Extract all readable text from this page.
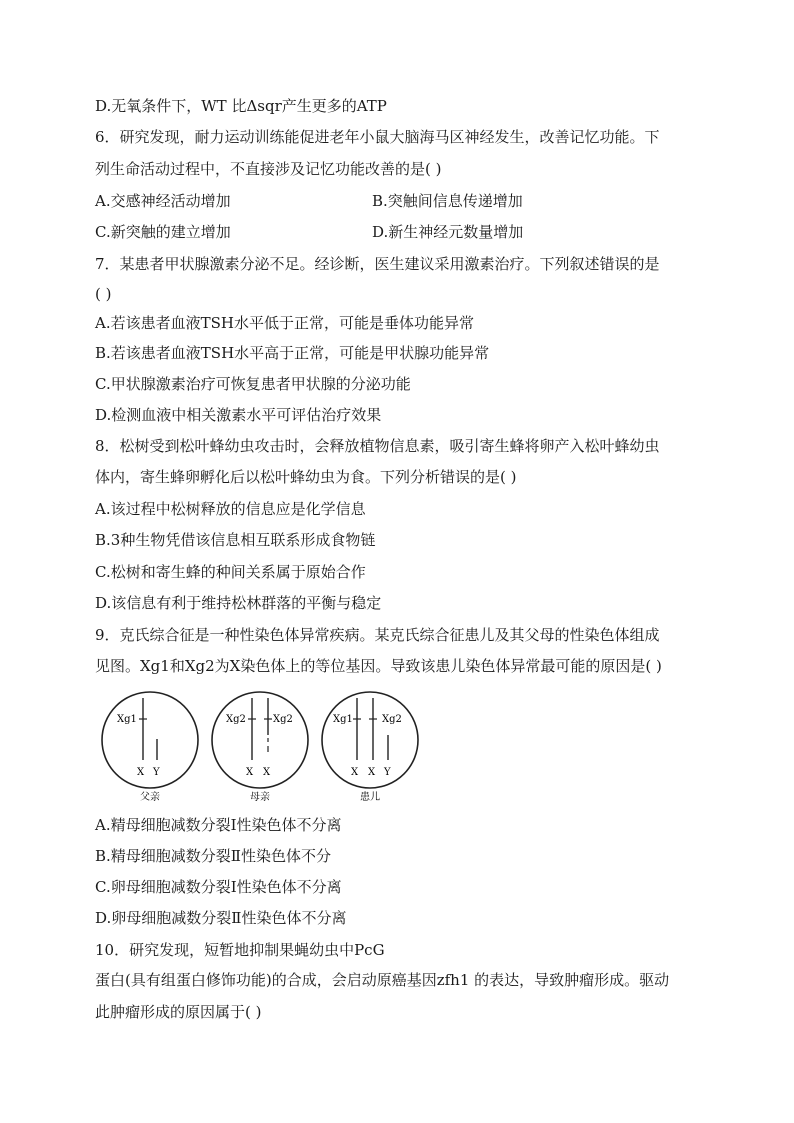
D.无氧条件下，WT 比Δsqr产生更多的ATP
6．研究发现，耐力运动训练能促进老年小鼠大脑海马区神经发生，改善记忆功能。下
列生命活动过程中，不直接涉及记忆功能改善的是( )
A.交感神经活动增加	B.突触间信息传递增加
C.新突触的建立增加	D.新生神经元数量增加
7．某患者甲状腺激素分泌不足。经诊断，医生建议采用激素治疗。下列叙述错误的是
( )
A.若该患者血液TSH水平低于正常，可能是垂体功能异常
B.若该患者血液TSH水平高于正常，可能是甲状腺功能异常
C.甲状腺激素治疗可恢复患者甲状腺的分泌功能
D.检测血液中相关激素水平可评估治疗效果
8．松树受到松叶蜂幼虫攻击时，会释放植物信息素，吸引寄生蜂将卵产入松叶蜂幼虫
体内，寄生蜂卵孵化后以松叶蜂幼虫为食。下列分析错误的是( )
A.该过程中松树释放的信息应是化学信息
B.3种生物凭借该信息相互联系形成食物链
C.松树和寄生蜂的种间关系属于原始合作
D.该信息有利于维持松林群落的平衡与稳定
9．克氏综合征是一种性染色体异常疾病。某克氏综合征患儿及其父母的性染色体组成
见图。Xg1和Xg2为X染色体上的等位基因。导致该患儿染色体异常最可能的原因是( )
Xg1
X Y
父亲
Xg2	Xg2
X X
母亲
Xg1	Xg2
X X Y
患儿
A.精母细胞减数分裂Ⅰ性染色体不分离
B.精母细胞减数分裂Ⅱ性染色体不分
C.卵母细胞减数分裂Ⅰ性染色体不分离
D.卵母细胞减数分裂Ⅱ性染色体不分离
10．研究发现，短暂地抑制果蝇幼虫中PcG
蛋白(具有组蛋白修饰功能)的合成，会启动原癌基因zfh1 的表达，导致肿瘤形成。驱动
此肿瘤形成的原因属于( )
